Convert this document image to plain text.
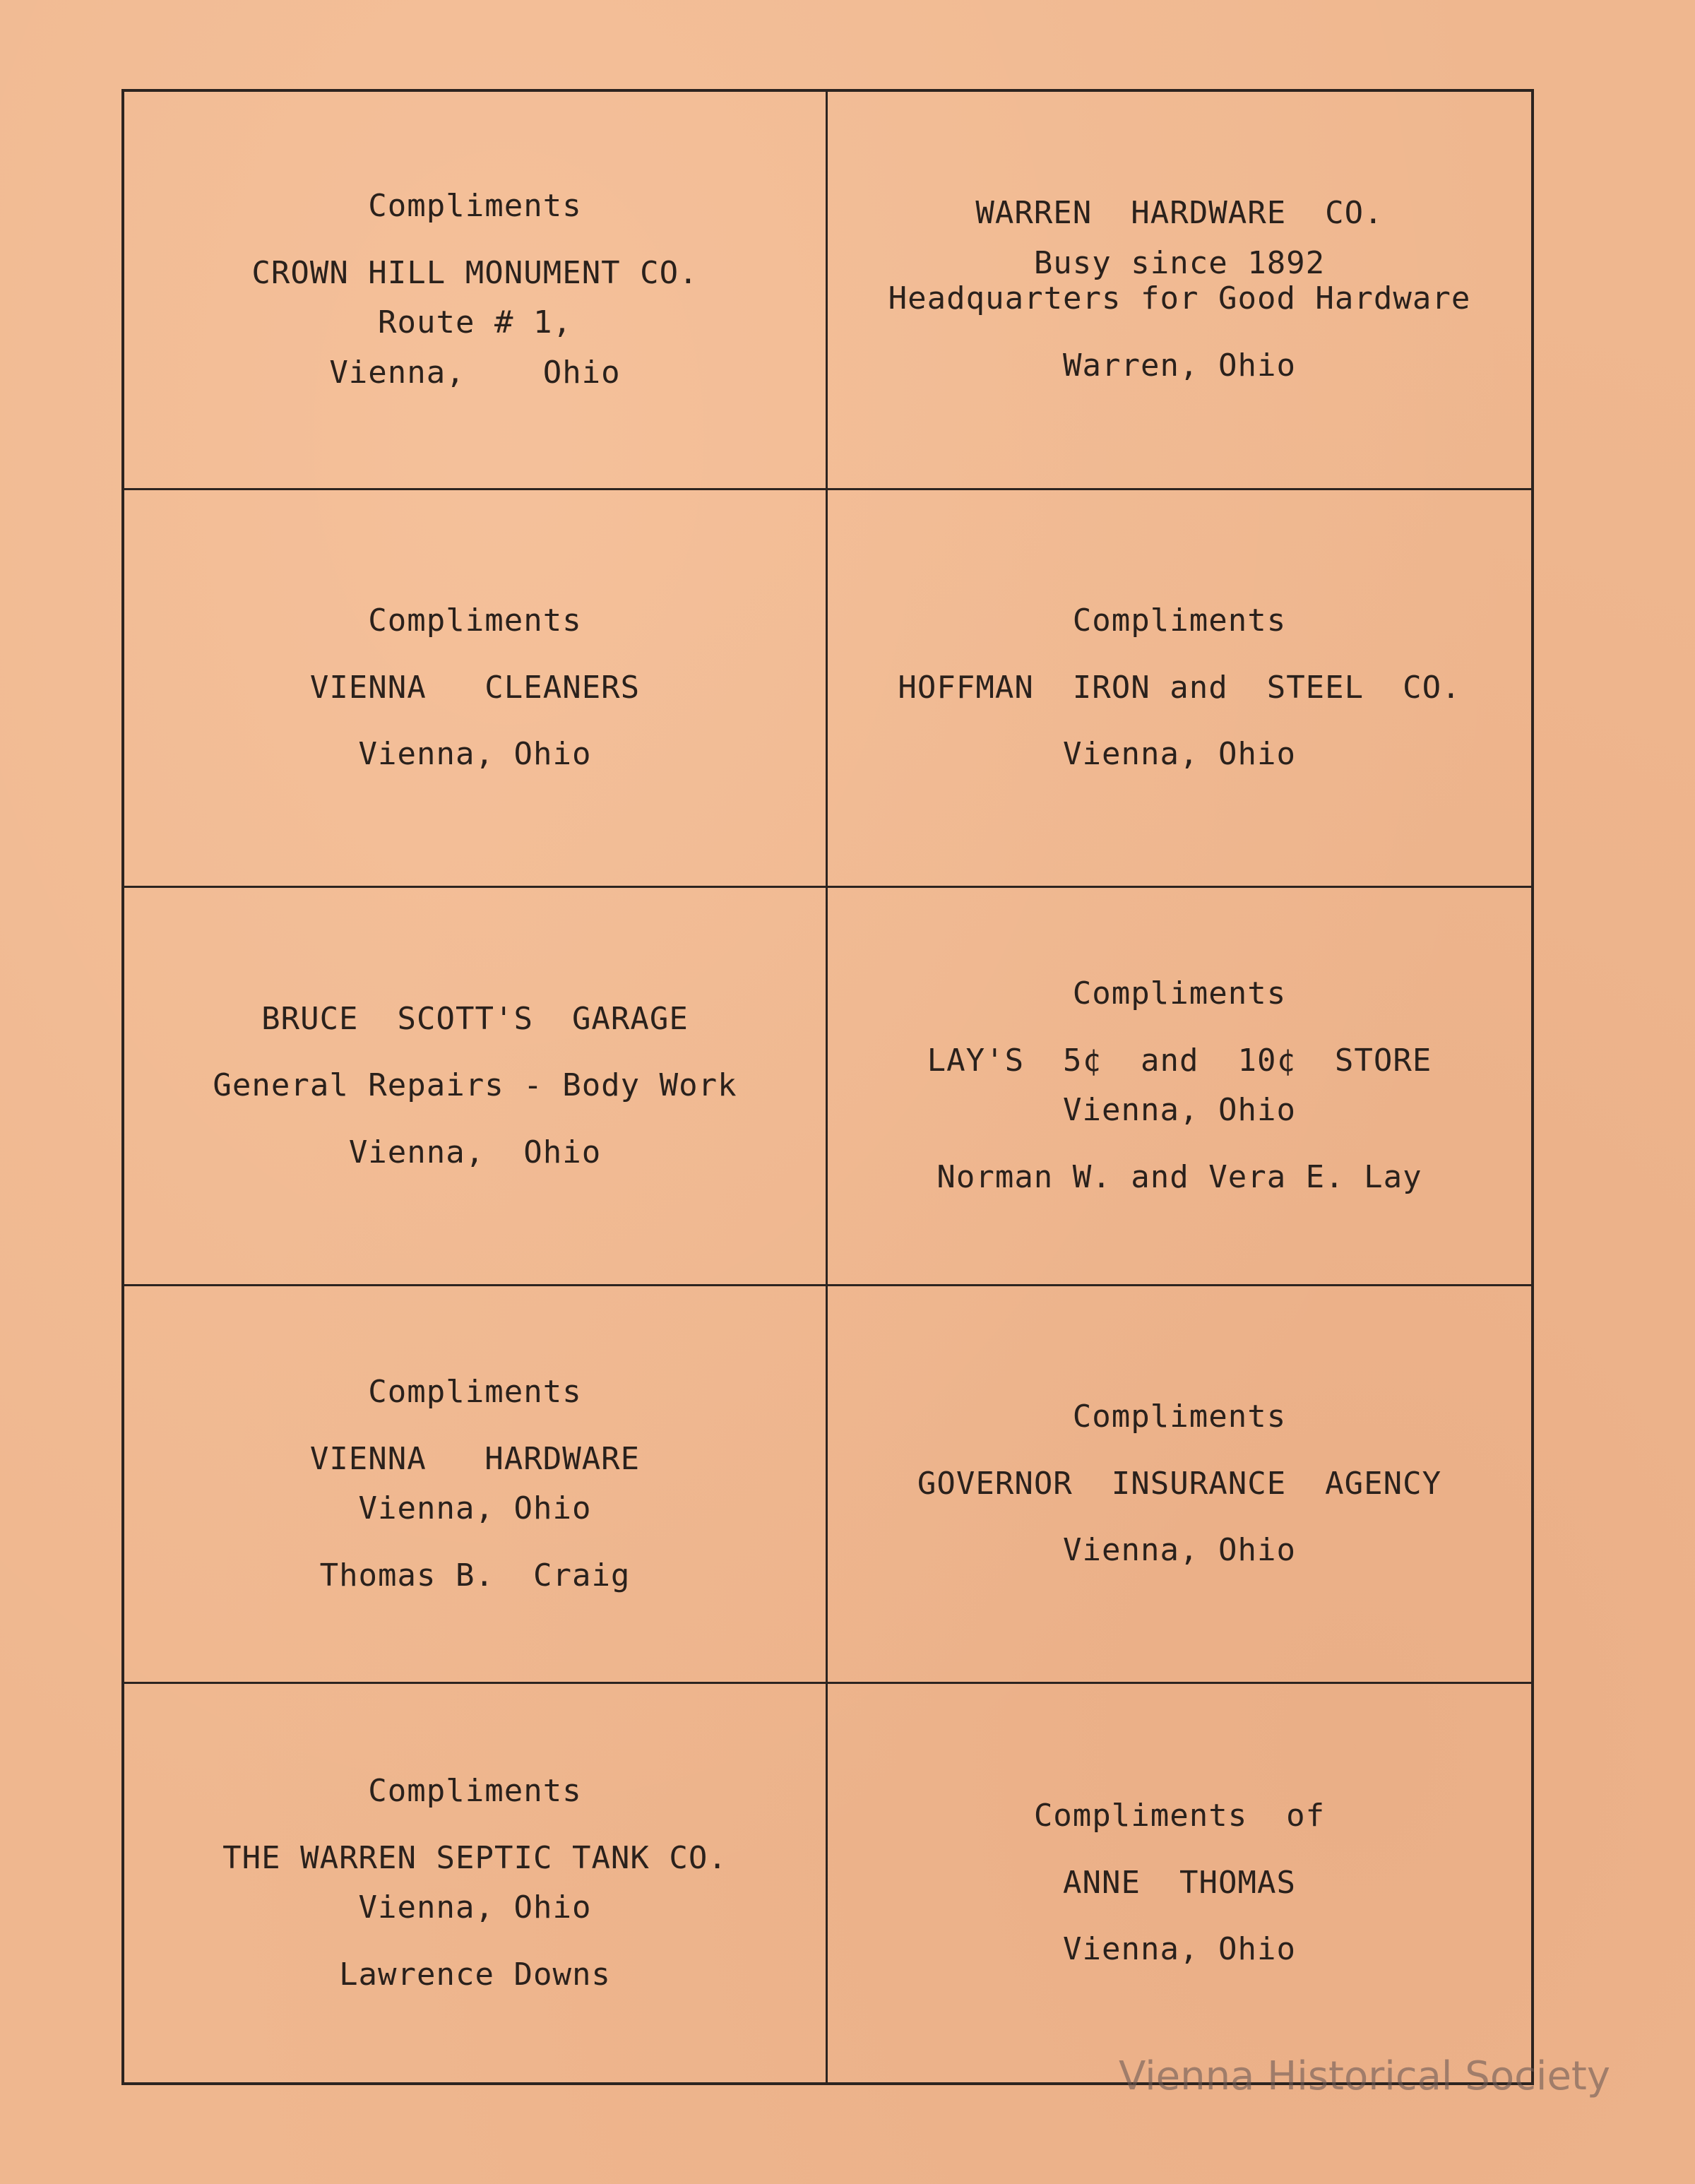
Compliments
CROWN HILL MONUMENT CO.
Route # 1,
Vienna,    Ohio
WARREN  HARDWARE  CO.
Busy since 1892
Headquarters for Good Hardware
Warren, Ohio
Compliments
VIENNA   CLEANERS
Vienna, Ohio
Compliments
HOFFMAN  IRON and  STEEL  CO.
Vienna, Ohio
BRUCE  SCOTT'S  GARAGE
General Repairs - Body Work
Vienna,  Ohio
Compliments
LAY'S  5¢  and  10¢  STORE
Vienna, Ohio
Norman W. and Vera E. Lay
Compliments
VIENNA   HARDWARE
Vienna, Ohio
Thomas B.  Craig
Compliments
GOVERNOR  INSURANCE  AGENCY
Vienna, Ohio
Compliments
THE WARREN SEPTIC TANK CO.
Vienna, Ohio
Lawrence Downs
Compliments  of
ANNE  THOMAS
Vienna, Ohio
Vienna Historical Society
